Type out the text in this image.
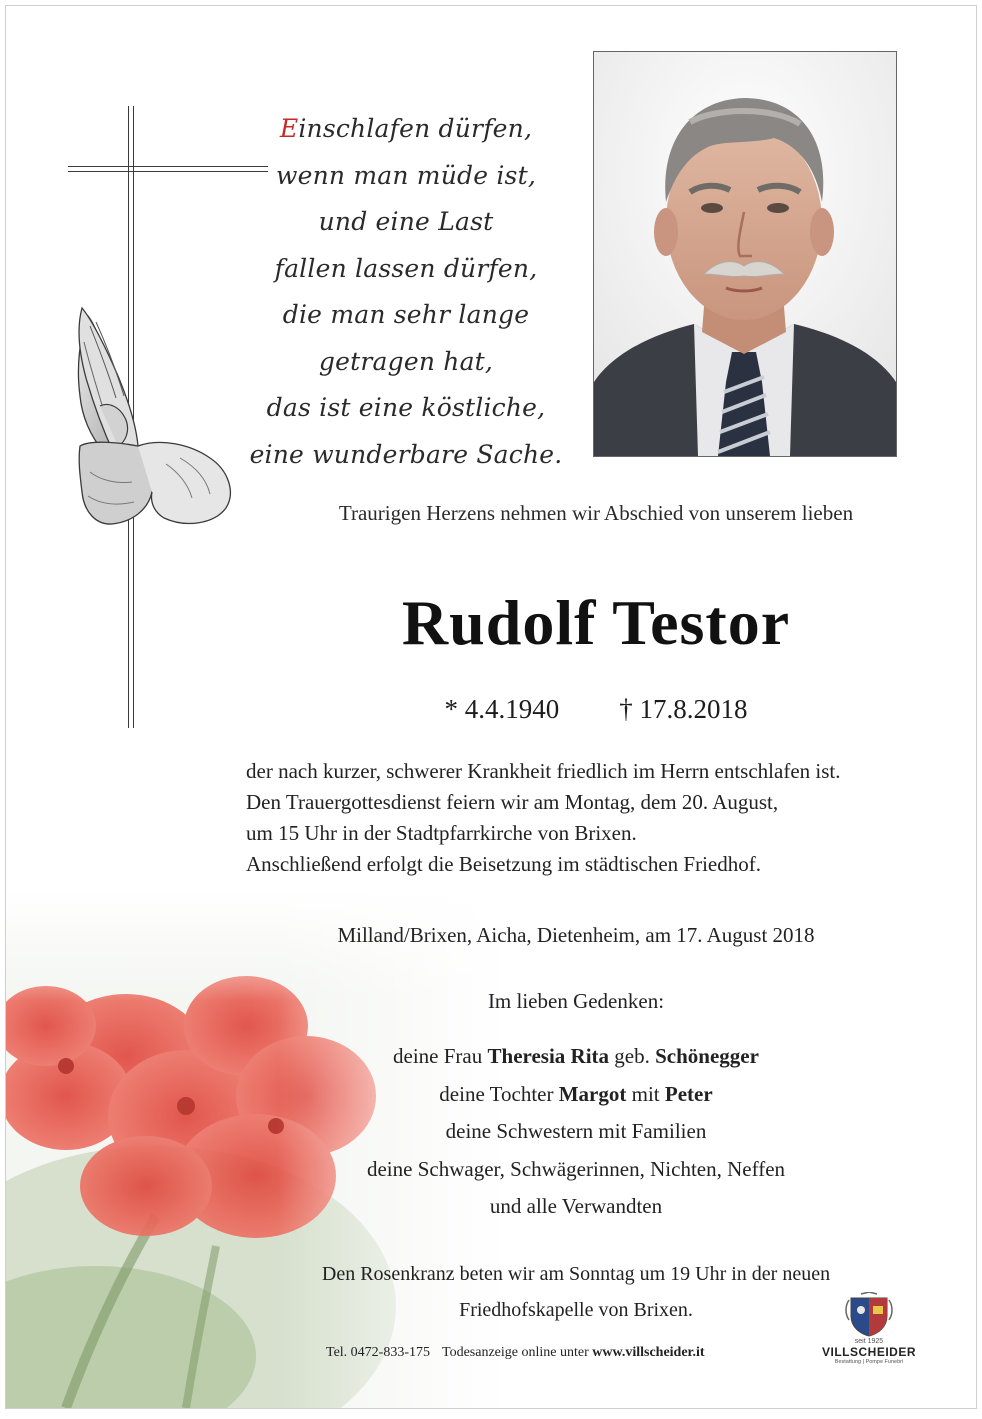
Einschlafen dürfen,
wenn man müde ist,
und eine Last
fallen lassen dürfen,
die man sehr lange
getragen hat,
das ist eine köstliche,
eine wunderbare Sache.
Traurigen Herzens nehmen wir Abschied von unserem lieben
Rudolf Testor
* 4.4.1940 † 17.8.2018
der nach kurzer, schwerer Krankheit friedlich im Herrn entschlafen ist.
Den Trauergottesdienst feiern wir am Montag, dem 20. August,
um 15 Uhr in der Stadtpfarrkirche von Brixen.
Anschließend erfolgt die Beisetzung im städtischen Friedhof.
Milland/Brixen, Aicha, Dietenheim, am 17. August 2018
Im lieben Gedenken:
deine Frau Theresia Rita geb. Schönegger
deine Tochter Margot mit Peter
deine Schwestern mit Familien
deine Schwager, Schwägerinnen, Nichten, Neffen
und alle Verwandten
Den Rosenkranz beten wir am Sonntag um 19 Uhr in der neuen
Friedhofskapelle von Brixen.
Tel. 0472-833-175 Todesanzeige online unter www.villscheider.it
seit 1925
VILLSCHEIDER
Bestattung | Pompe Funebri
